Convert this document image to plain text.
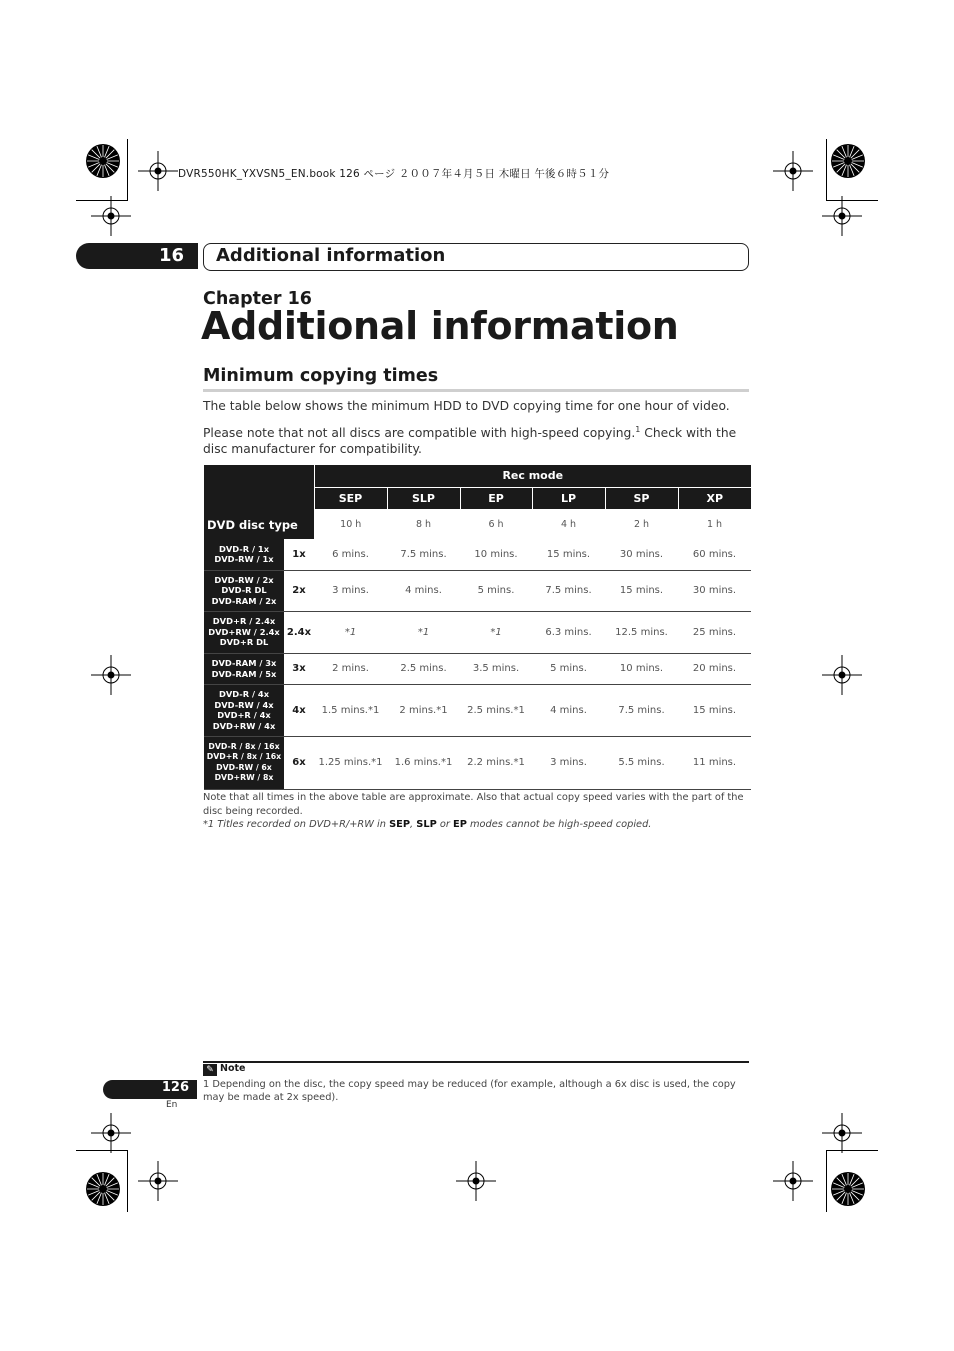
DVR550HK_YXVSN5_EN.book 126 ページ ２００７年４月５日 木曜日 午後６時５１分
16 Additional information
Chapter 16
Additional information
Minimum copying times
The table below shows the minimum HDD to DVD copying time for one hour of video.
Please note that not all discs are compatible with high-speed copying.$^1$ Check with the disc manufacturer for compatibility.
DVD disc type		Rec mode					
		SEP	SLP	EP	LP	SP	XP
		10 h	8 h	6 h	4 h	2 h	1 h

DVD-R / 1x
DVD-RW / 1x	1x	6 mins.	7.5 mins.	10 mins.	15 mins.	30 mins.	60 mins.

DVD-RW / 2x
DVD-R DL
DVD-RAM / 2x	2x	3 mins.	4 mins.	5 mins.	7.5 mins.	15 mins.	30 mins.

DVD+R / 2.4x
DVD+RW / 2.4x
DVD+R DL	2.4x	*1	*1	*1	6.3 mins.	12.5 mins.	25 mins.

DVD-RAM / 3x
DVD-RAM / 5x	3x	2 mins.	2.5 mins.	3.5 mins.	5 mins.	10 mins.	20 mins.

DVD-R / 4x
DVD-RW / 4x
DVD+R / 4x
DVD+RW / 4x	4x	1.5 mins.*1	2 mins.*1	2.5 mins.*1	4 mins.	7.5 mins.	15 mins.

DVD-R / 8x / 16x
DVD+R / 8x / 16x
DVD-RW / 6x
DVD+RW / 8x	6x	1.25 mins.*1	1.6 mins.*1	2.2 mins.*1	3 mins.	5.5 mins.	11 mins.
Note that all times in the above table are approximate. Also that actual copy speed varies with the part of the disc being recorded.
*1 Titles recorded on DVD+R/+RW in SEP, SLP or EP modes cannot be high-speed copied.
✎ Note
1 Depending on the disc, the copy speed may be reduced (for example, although a 6x disc is used, the copy may be made at 2x speed).
126
En
